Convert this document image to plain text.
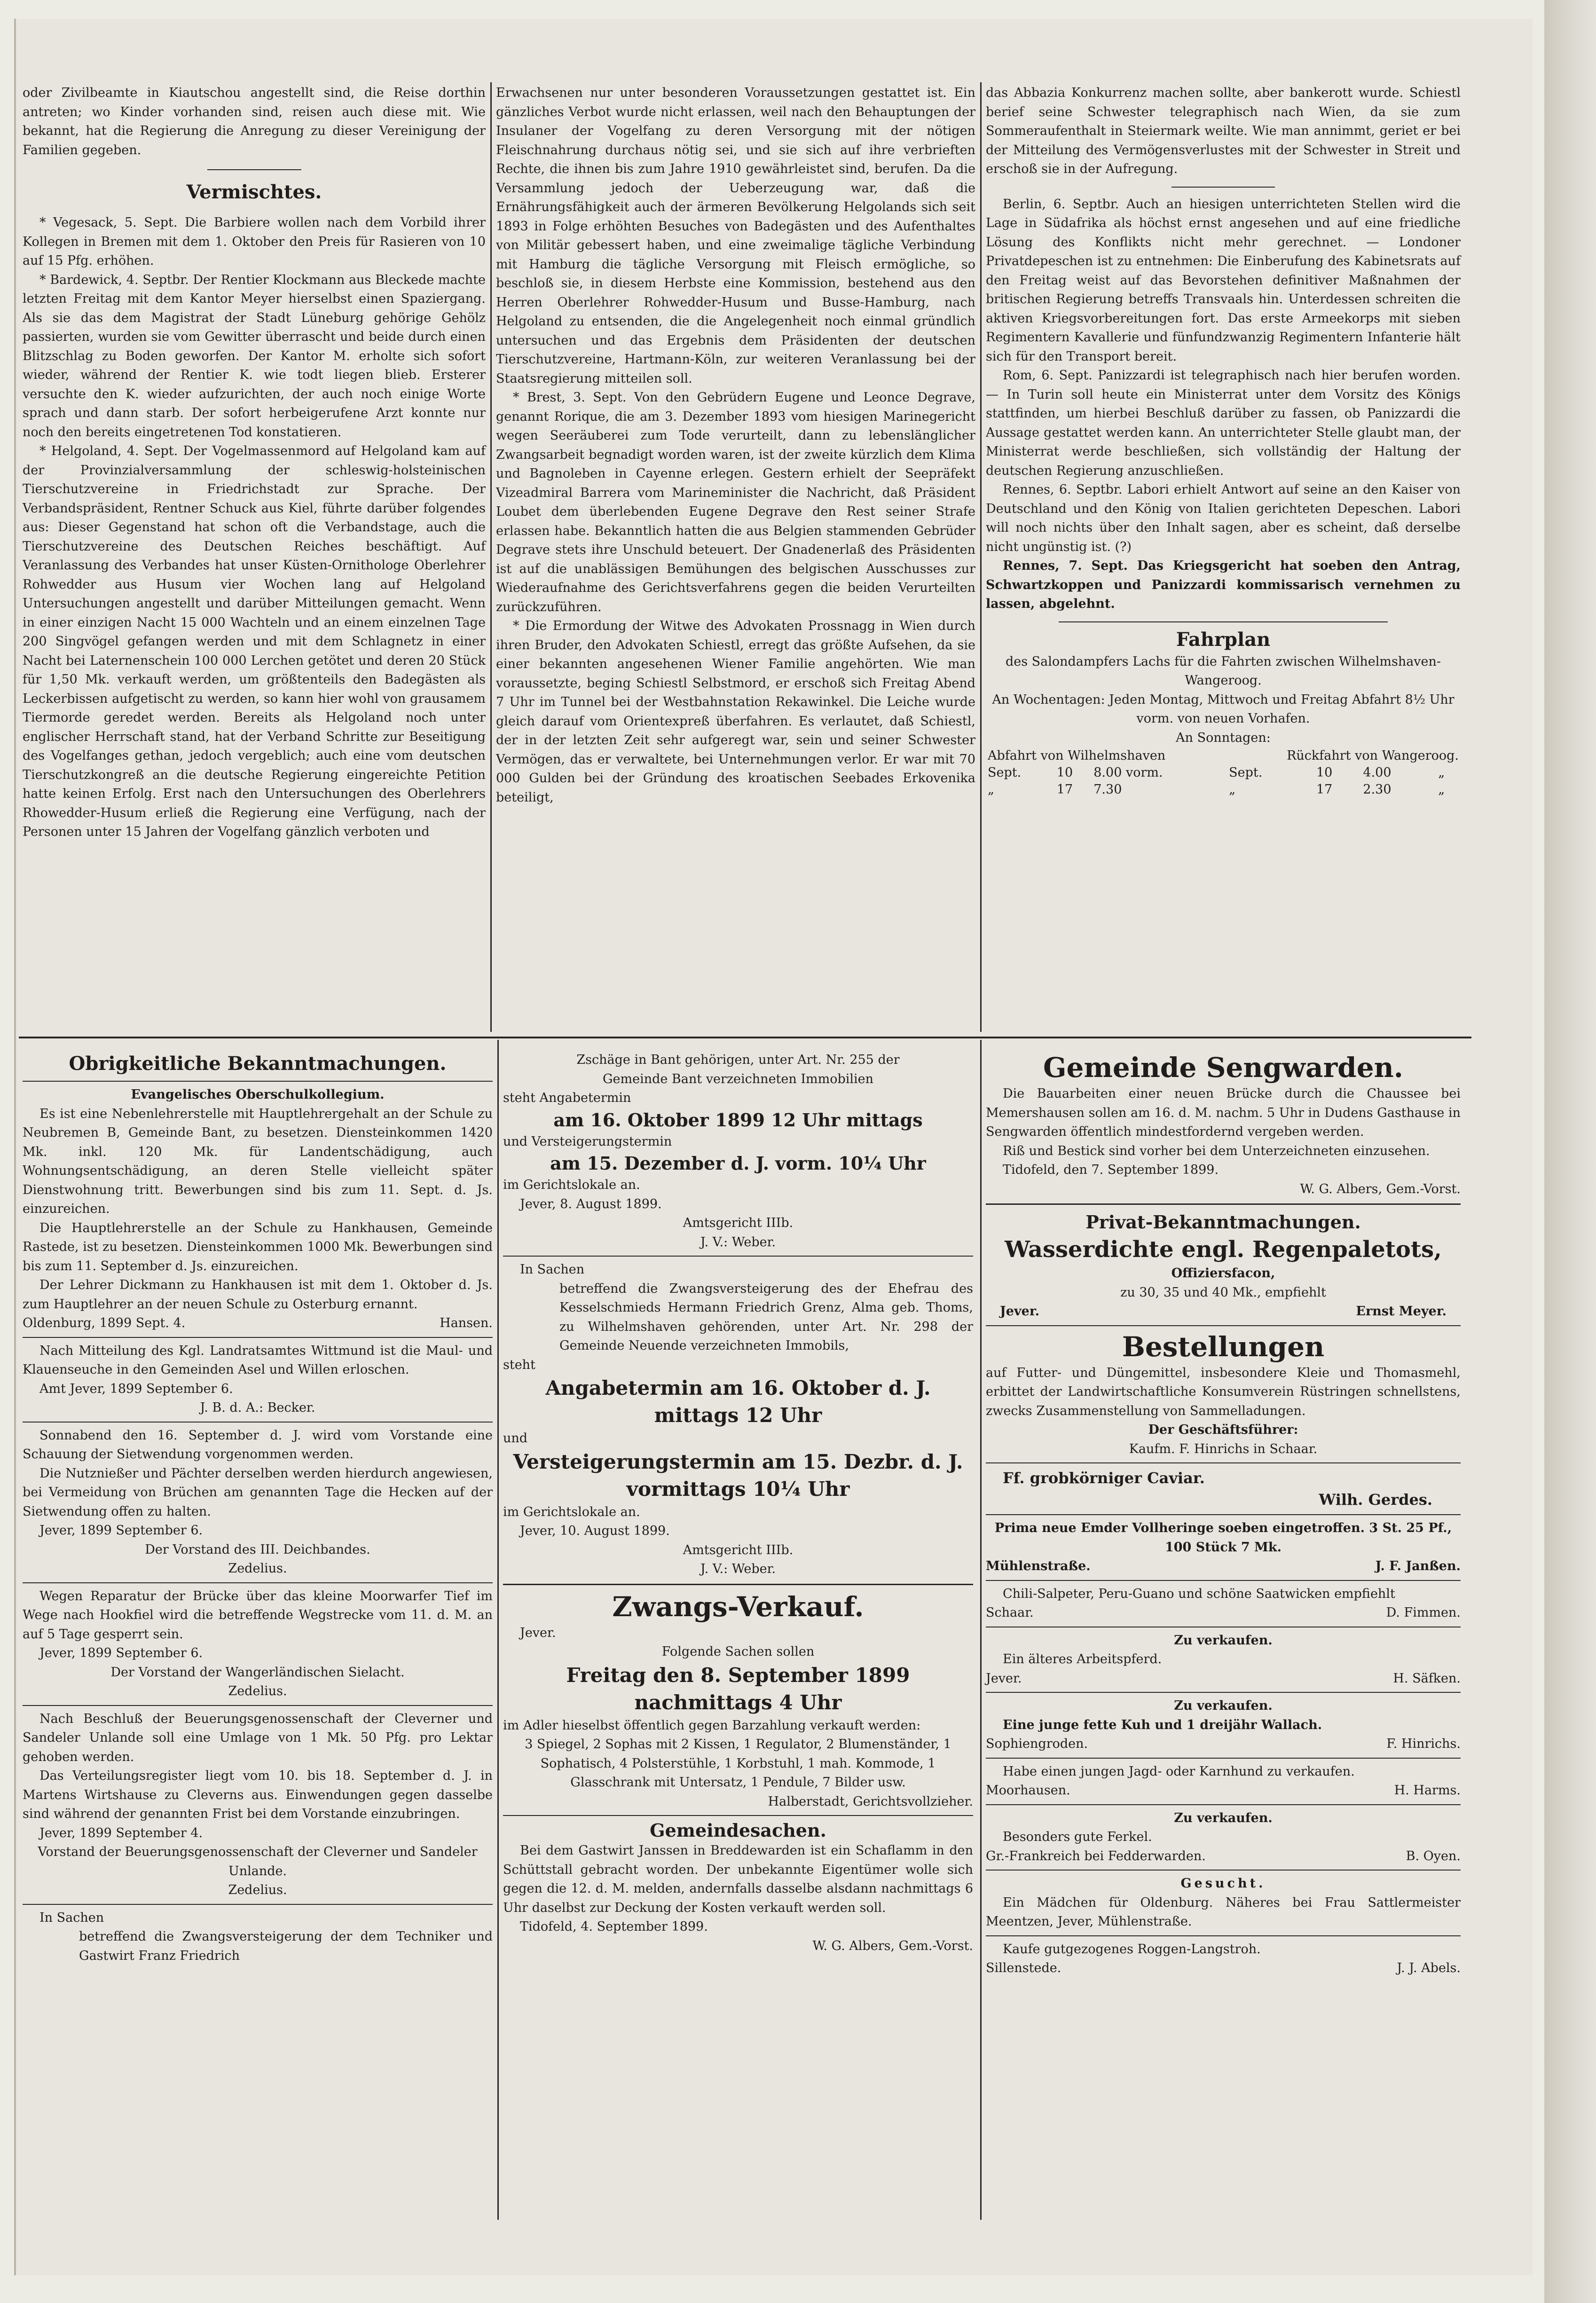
oder Zivilbeamte in Kiautschou angestellt sind, die Reise dorthin antreten; wo Kinder vorhanden sind, reisen auch diese mit. Wie bekannt, hat die Regierung die Anregung zu dieser Vereinigung der Familien gegeben.

Vermischtes.

* Vegesack, 5. Sept. Die Barbiere wollen nach dem Vorbild ihrer Kollegen in Bremen mit dem 1. Oktober den Preis für Rasieren von 10 auf 15 Pfg. erhöhen.

* Bardewick, 4. Septbr. Der Rentier Klockmann aus Bleckede machte letzten Freitag mit dem Kantor Meyer hierselbst einen Spaziergang. Als sie das dem Magistrat der Stadt Lüneburg gehörige Gehölz passierten, wurden sie vom Gewitter überrascht und beide durch einen Blitzschlag zu Boden geworfen. Der Kantor M. erholte sich sofort wieder, während der Rentier K. wie todt liegen blieb. Ersterer versuchte den K. wieder aufzurichten, der auch noch einige Worte sprach und dann starb. Der sofort herbeigerufene Arzt konnte nur noch den bereits eingetretenen Tod konstatieren.

* Helgoland, 4. Sept. Der Vogelmassenmord auf Helgoland kam auf der Provinzialversammlung der schleswig-holsteinischen Tierschutzvereine in Friedrichstadt zur Sprache. Der Verbandspräsident, Rentner Schuck aus Kiel, führte darüber folgendes aus: Dieser Gegenstand hat schon oft die Verbandstage, auch die Tierschutzvereine des Deutschen Reiches beschäftigt. Auf Veranlassung des Verbandes hat unser Küsten-Ornithologe Oberlehrer Rohwedder aus Husum vier Wochen lang auf Helgoland Untersuchungen angestellt und darüber Mitteilungen gemacht. Wenn in einer einzigen Nacht 15 000 Wachteln und an einem einzelnen Tage 200 Singvögel gefangen werden und mit dem Schlagnetz in einer Nacht bei Laternenschein 100 000 Lerchen getötet und deren 20 Stück für 1,50 Mk. verkauft werden, um größtenteils den Badegästen als Leckerbissen aufgetischt zu werden, so kann hier wohl von grausamem Tiermorde geredet werden. Bereits als Helgoland noch unter englischer Herrschaft stand, hat der Verband Schritte zur Beseitigung des Vogelfanges gethan, jedoch vergeblich; auch eine vom deutschen Tierschutzkongreß an die deutsche Regierung eingereichte Petition hatte keinen Erfolg. Erst nach den Untersuchungen des Oberlehrers Rhowedder-Husum erließ die Regierung eine Verfügung, nach der Personen unter 15 Jahren der Vogelfang gänzlich verboten und

Erwachsenen nur unter besonderen Voraussetzungen gestattet ist. Ein gänzliches Verbot wurde nicht erlassen, weil nach den Behauptungen der Insulaner der Vogelfang zu deren Versorgung mit der nötigen Fleischnahrung durchaus nötig sei, und sie sich auf ihre verbrieften Rechte, die ihnen bis zum Jahre 1910 gewährleistet sind, berufen. Da die Versammlung jedoch der Ueberzeugung war, daß die Ernährungsfähigkeit auch der ärmeren Bevölkerung Helgolands sich seit 1893 in Folge erhöhten Besuches von Badegästen und des Aufenthaltes von Militär gebessert haben, und eine zweimalige tägliche Verbindung mit Hamburg die tägliche Versorgung mit Fleisch ermögliche, so beschloß sie, in diesem Herbste eine Kommission, bestehend aus den Herren Oberlehrer Rohwedder-Husum und Busse-Hamburg, nach Helgoland zu entsenden, die die Angelegenheit noch einmal gründlich untersuchen und das Ergebnis dem Präsidenten der deutschen Tierschutzvereine, Hartmann-Köln, zur weiteren Veranlassung bei der Staatsregierung mitteilen soll.

* Brest, 3. Sept. Von den Gebrüdern Eugene und Leonce Degrave, genannt Rorique, die am 3. Dezember 1893 vom hiesigen Marinegericht wegen Seeräuberei zum Tode verurteilt, dann zu lebenslänglicher Zwangsarbeit begnadigt worden waren, ist der zweite kürzlich dem Klima und Bagnoleben in Cayenne erlegen. Gestern erhielt der Seepräfekt Vizeadmiral Barrera vom Marineminister die Nachricht, daß Präsident Loubet dem überlebenden Eugene Degrave den Rest seiner Strafe erlassen habe. Bekanntlich hatten die aus Belgien stammenden Gebrüder Degrave stets ihre Unschuld beteuert. Der Gnadenerlaß des Präsidenten ist auf die unablässigen Bemühungen des belgischen Ausschusses zur Wiederaufnahme des Gerichtsverfahrens gegen die beiden Verurteilten zurückzuführen.

* Die Ermordung der Witwe des Advokaten Prossnagg in Wien durch ihren Bruder, den Advokaten Schiestl, erregt das größte Aufsehen, da sie einer bekannten angesehenen Wiener Familie angehörten. Wie man voraussetzte, beging Schiestl Selbstmord, er erschoß sich Freitag Abend 7 Uhr im Tunnel bei der Westbahnstation Rekawinkel. Die Leiche wurde gleich darauf vom Orientexpreß überfahren. Es verlautet, daß Schiestl, der in der letzten Zeit sehr aufgeregt war, sein und seiner Schwester Vermögen, das er verwaltete, bei Unternehmungen verlor. Er war mit 70 000 Gulden bei der Gründung des kroatischen Seebades Erkovenika beteiligt,

das Abbazia Konkurrenz machen sollte, aber bankerott wurde. Schiestl berief seine Schwester telegraphisch nach Wien, da sie zum Sommeraufenthalt in Steiermark weilte. Wie man annimmt, geriet er bei der Mitteilung des Vermögensverlustes mit der Schwester in Streit und erschoß sie in der Aufregung.

Berlin, 6. Septbr. Auch an hiesigen unterrichteten Stellen wird die Lage in Südafrika als höchst ernst angesehen und auf eine friedliche Lösung des Konflikts nicht mehr gerechnet. — Londoner Privatdepeschen ist zu entnehmen: Die Einberufung des Kabinetsrats auf den Freitag weist auf das Bevorstehen definitiver Maßnahmen der britischen Regierung betreffs Transvaals hin. Unterdessen schreiten die aktiven Kriegsvorbereitungen fort. Das erste Armeekorps mit sieben Regimentern Kavallerie und fünfundzwanzig Regimentern Infanterie hält sich für den Transport bereit.

Rom, 6. Sept. Panizzardi ist telegraphisch nach hier berufen worden. — In Turin soll heute ein Ministerrat unter dem Vorsitz des Königs stattfinden, um hierbei Beschluß darüber zu fassen, ob Panizzardi die Aussage gestattet werden kann. An unterrichteter Stelle glaubt man, der Ministerrat werde beschließen, sich vollständig der Haltung der deutschen Regierung anzuschließen.

Rennes, 6. Septbr. Labori erhielt Antwort auf seine an den Kaiser von Deutschland und den König von Italien gerichteten Depeschen. Labori will noch nichts über den Inhalt sagen, aber es scheint, daß derselbe nicht ungünstig ist. (?)

Rennes, 7. Sept. Das Kriegsgericht hat soeben den Antrag, Schwartzkoppen und Panizzardi kommissarisch vernehmen zu lassen, abgelehnt.

Fahrplan

des Salondampfers Lachs für die Fahrten zwischen Wilhelmshaven-Wangeroog.

An Wochentagen: Jeden Montag, Mittwoch und Freitag Abfahrt 8½ Uhr vorm. von neuen Vorhafen.

An Sonntagen:

Abfahrt von Wilhelmshaven			Rückfahrt von Wangeroog.			
Sept.	10	8.00 vorm.	Sept.	10	4.00	„
„	17	7.30	„	17	2.30	„
Obrigkeitliche Bekanntmachungen.
Evangelisches Oberschulkollegium.

Es ist eine Nebenlehrerstelle mit Hauptlehrergehalt an der Schule zu Neubremen B, Gemeinde Bant, zu besetzen. Diensteinkommen 1420 Mk. inkl. 120 Mk. für Landentschädigung, auch Wohnungsentschädigung, an deren Stelle vielleicht später Dienstwohnung tritt. Bewerbungen sind bis zum 11. Sept. d. Js. einzureichen.

Die Hauptlehrerstelle an der Schule zu Hankhausen, Gemeinde Rastede, ist zu besetzen. Diensteinkommen 1000 Mk. Bewerbungen sind bis zum 11. September d. Js. einzureichen.

Der Lehrer Dickmann zu Hankhausen ist mit dem 1. Oktober d. Js. zum Hauptlehrer an der neuen Schule zu Osterburg ernannt.

Oldenburg, 1899 Sept. 4.	Hansen.

Nach Mitteilung des Kgl. Landratsamtes Wittmund ist die Maul- und Klauenseuche in den Gemeinden Asel und Willen erloschen.

Amt Jever, 1899 September 6.

J. B. d. A.: Becker.

Sonnabend den 16. September d. J. wird vom Vorstande eine Schauung der Sietwendung vorgenommen werden.

Die Nutznießer und Pächter derselben werden hierdurch angewiesen, bei Vermeidung von Brüchen am genannten Tage die Hecken auf der Sietwendung offen zu halten.

Jever, 1899 September 6.

Der Vorstand des III. Deichbandes.

Zedelius.

Wegen Reparatur der Brücke über das kleine Moorwarfer Tief im Wege nach Hookfiel wird die betreffende Wegstrecke vom 11. d. M. an auf 5 Tage gesperrt sein.

Jever, 1899 September 6.

Der Vorstand der Wangerländischen Sielacht.

Zedelius.

Nach Beschluß der Beuerungsgenossenschaft der Cleverner und Sandeler Unlande soll eine Umlage von 1 Mk. 50 Pfg. pro Lektar gehoben werden.

Das Verteilungsregister liegt vom 10. bis 18. September d. J. in Martens Wirtshause zu Cleverns aus. Einwendungen gegen dasselbe sind während der genannten Frist bei dem Vorstande einzubringen.

Jever, 1899 September 4.

Vorstand der Beuerungsgenossenschaft der Cleverner und Sandeler Unlande.

Zedelius.

In Sachen

betreffend die Zwangsversteigerung der dem Techniker und Gastwirt Franz Friedrich

Zschäge in Bant gehörigen, unter Art. Nr. 255 der Gemeinde Bant verzeichneten Immobilien

steht Angabetermin

am 16. Oktober 1899 12 Uhr mittags

und Versteigerungstermin

am 15. Dezember d. J. vorm. 10¼ Uhr

im Gerichtslokale an.

Jever, 8. August 1899.

Amtsgericht IIIb.

J. V.: Weber.

In Sachen

betreffend die Zwangsversteigerung des der Ehefrau des Kesselschmieds Hermann Friedrich Grenz, Alma geb. Thoms, zu Wilhelmshaven gehörenden, unter Art. Nr. 298 der Gemeinde Neuende verzeichneten Immobils,

steht

Angabetermin am 16. Oktober d. J. mittags 12 Uhr

und

Versteigerungstermin am 15. Dezbr. d. J. vormittags 10¼ Uhr

im Gerichtslokale an.

Jever, 10. August 1899.

Amtsgericht IIIb.

J. V.: Weber.

Zwangs-Verkauf.

Jever.

Folgende Sachen sollen

Freitag den 8. September 1899
nachmittags 4 Uhr

im Adler hieselbst öffentlich gegen Barzahlung verkauft werden:

3 Spiegel, 2 Sophas mit 2 Kissen, 1 Regulator, 2 Blumenständer, 1 Sophatisch, 4 Polsterstühle, 1 Korbstuhl, 1 mah. Kommode, 1 Glasschrank mit Untersatz, 1 Pendule, 7 Bilder usw.

Halberstadt, Gerichtsvollzieher.

Gemeindesachen.

Bei dem Gastwirt Janssen in Breddewarden ist ein Schaflamm in den Schüttstall gebracht worden. Der unbekannte Eigentümer wolle sich gegen die 12. d. M. melden, andernfalls dasselbe alsdann nachmittags 6 Uhr daselbst zur Deckung der Kosten verkauft werden soll.

Tidofeld, 4. September 1899.

W. G. Albers, Gem.-Vorst.

Gemeinde Sengwarden.

Die Bauarbeiten einer neuen Brücke durch die Chaussee bei Memershausen sollen am 16. d. M. nachm. 5 Uhr in Dudens Gasthause in Sengwarden öffentlich mindestfordernd vergeben werden.

Riß und Bestick sind vorher bei dem Unterzeichneten einzusehen.

Tidofeld, den 7. September 1899.

W. G. Albers, Gem.-Vorst.

Privat-Bekanntmachungen.
Wasserdichte engl. Regenpaletots,

Offiziersfacon,

zu 30, 35 und 40 Mk., empfiehlt

Jever.	Ernst Meyer.
Bestellungen

auf Futter- und Düngemittel, insbesondere Kleie und Thomasmehl, erbittet der Landwirtschaftliche Konsumverein Rüstringen schnellstens, zwecks Zusammenstellung von Sammelladungen.

Der Geschäftsführer:

Kaufm. F. Hinrichs in Schaar.

Ff. grobkörniger Caviar.

Wilh. Gerdes.

Prima neue Emder Vollheringe soeben eingetroffen. 3 St. 25 Pf., 100 Stück 7 Mk.

Mühlenstraße.	J. F. Janßen.

Chili-Salpeter, Peru-Guano und schöne Saatwicken empfiehlt

Schaar.	D. Fimmen.

Zu verkaufen.

Ein älteres Arbeitspferd.

Jever.	H. Säfken.

Zu verkaufen.

Eine junge fette Kuh und 1 dreijähr Wallach.

Sophiengroden.	F. Hinrichs.

Habe einen jungen Jagd- oder Karnhund zu verkaufen.

Moorhausen.	H. Harms.

Zu verkaufen.

Besonders gute Ferkel.

Gr.-Frankreich bei Fedderwarden.	B. Oyen.

Gesucht.

Ein Mädchen für Oldenburg. Näheres bei Frau Sattlermeister Meentzen, Jever, Mühlenstraße.

Kaufe gutgezogenes Roggen-Langstroh.

Sillenstede.	J. J. Abels.
